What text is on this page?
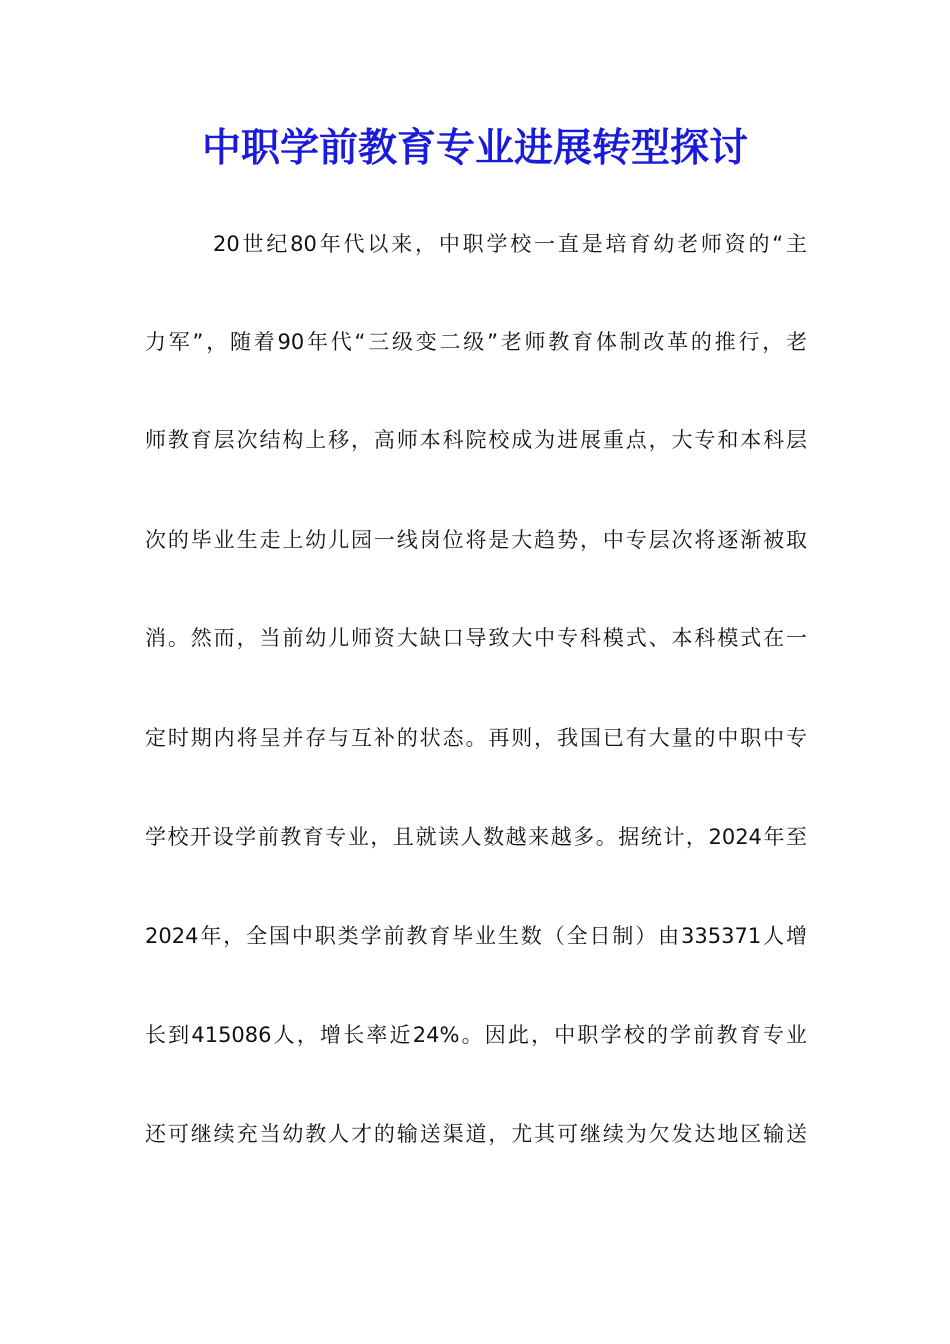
中职学前教育专业进展转型探讨
20世纪80年代以来，中职学校一直是培育幼老师资的“主
力军”，随着90年代“三级变二级”老师教育体制改革的推行，老
师教育层次结构上移，高师本科院校成为进展重点，大专和本科层
次的毕业生走上幼儿园一线岗位将是大趋势，中专层次将逐渐被取
消。然而，当前幼儿师资大缺口导致大中专科模式、本科模式在一
定时期内将呈并存与互补的状态。再则，我国已有大量的中职中专
学校开设学前教育专业，且就读人数越来越多。据统计，2024年至
2024年，全国中职类学前教育毕业生数（全日制）由335371人增
长到415086人，增长率近24%。因此，中职学校的学前教育专业
还可继续充当幼教人才的输送渠道，尤其可继续为欠发达地区输送
